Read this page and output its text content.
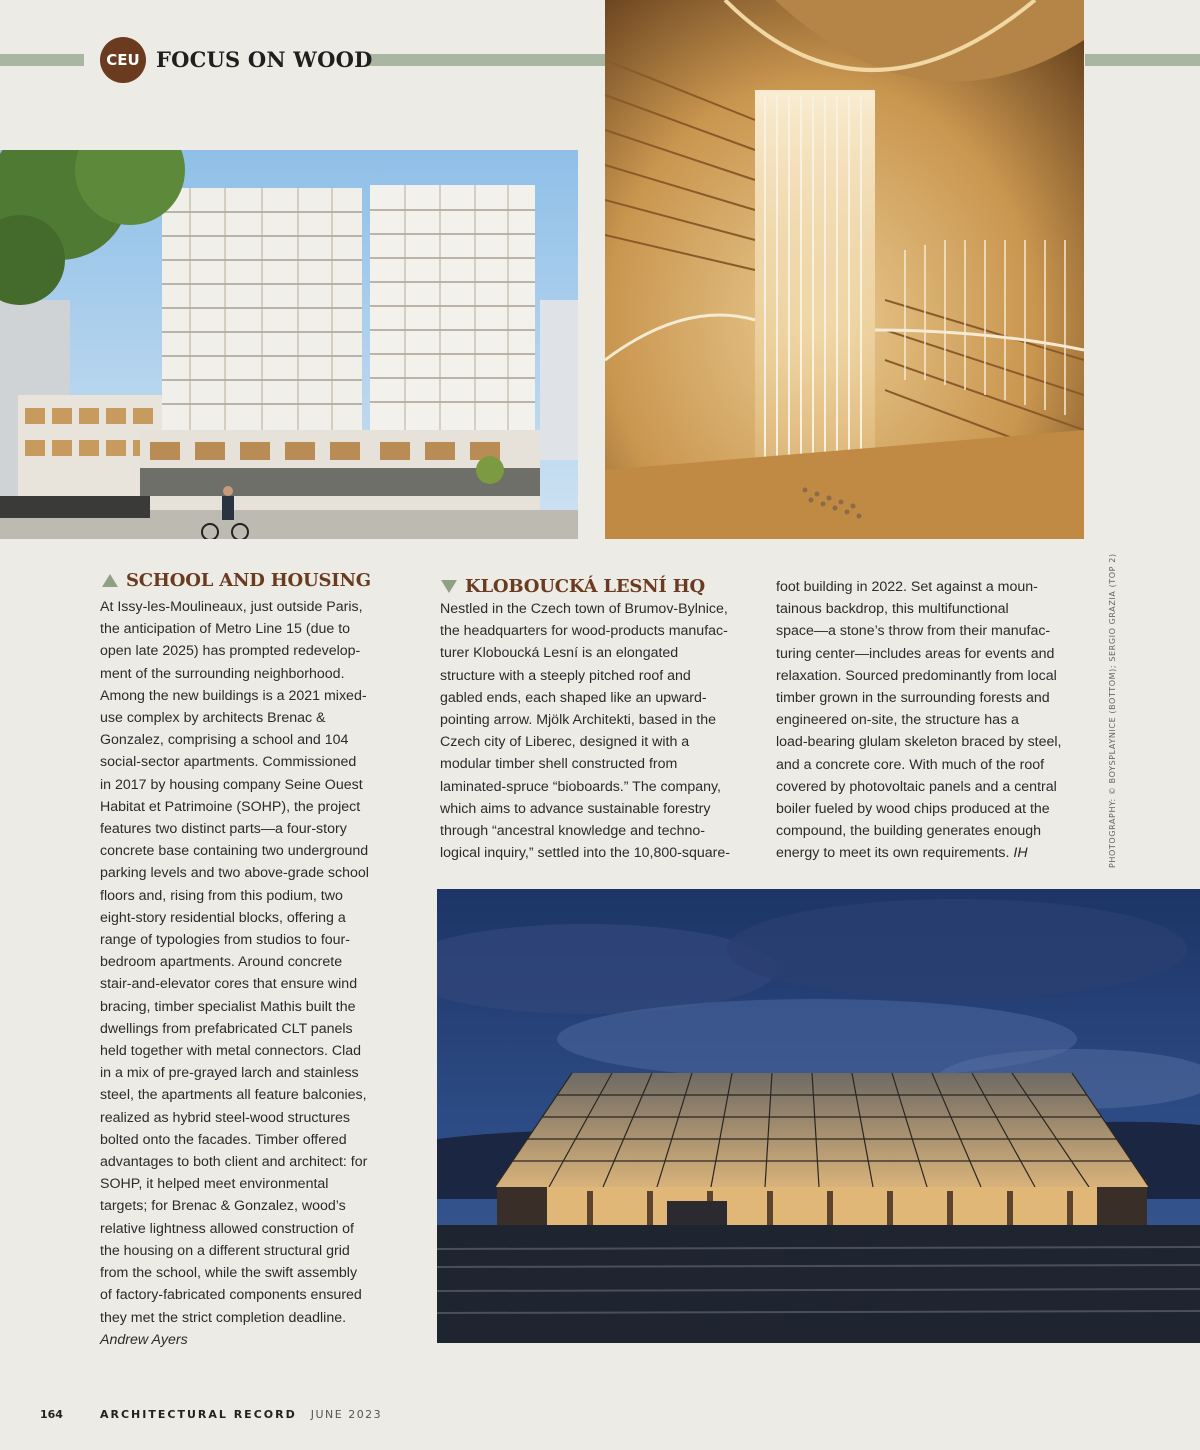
CEU FOCUS ON WOOD
SCHOOL AND HOUSING
At Issy-les-Moulineaux, just outside Paris,
the anticipation of Metro Line 15 (due to
open late 2025) has prompted redevelop-
ment of the surrounding neighborhood.
Among the new buildings is a 2021 mixed-
use complex by architects Brenac &
Gonzalez, comprising a school and 104
social-sector apartments. Commissioned
in 2017 by housing company Seine Ouest
Habitat et Patrimoine (SOHP), the project
features two distinct parts—a four-story
concrete base containing two underground
parking levels and two above-grade school
floors and, rising from this podium, two
eight-story residential blocks, offering a
range of typologies from studios to four-
bedroom apartments. Around concrete
stair-and-elevator cores that ensure wind
bracing, timber specialist Mathis built the
dwellings from prefabricated CLT panels
held together with metal connectors. Clad
in a mix of pre-grayed larch and stainless
steel, the apartments all feature balconies,
realized as hybrid steel-wood structures
bolted onto the facades. Timber offered
advantages to both client and architect: for
SOHP, it helped meet environmental
targets; for Brenac & Gonzalez, wood’s
relative lightness allowed construction of
the housing on a different structural grid
from the school, while the swift assembly
of factory-fabricated components ensured
they met the strict completion deadline.
Andrew Ayers
KLOBOUCKÁ LESNÍ HQ
Nestled in the Czech town of Brumov-Bylnice,
the headquarters for wood-products manufac-
turer Kloboucká Lesní is an elongated
structure with a steeply pitched roof and
gabled ends, each shaped like an upward-
pointing arrow. Mjölk Architekti, based in the
Czech city of Liberec, designed it with a
modular timber shell constructed from
laminated-spruce “bioboards.” The company,
which aims to advance sustainable forestry
through “ancestral knowledge and techno-
logical inquiry,” settled into the 10,800-square-
foot building in 2022. Set against a moun-
tainous backdrop, this multifunctional
space—a stone’s throw from their manufac-
turing center—includes areas for events and
relaxation. Sourced predominantly from local
timber grown in the surrounding forests and
engineered on-site, the structure has a
load-bearing glulam skeleton braced by steel,
and a concrete core. With much of the roof
covered by photovoltaic panels and a central
boiler fueled by wood chips produced at the
compound, the building generates enough
energy to meet its own requirements. IH	PHOTOGRAPHY: © BOYSPLAYNICE (BOTTOM); SERGIO GRAZIA (TOP 2)
164	ARCHITECTURAL RECORD JUNE 2023
